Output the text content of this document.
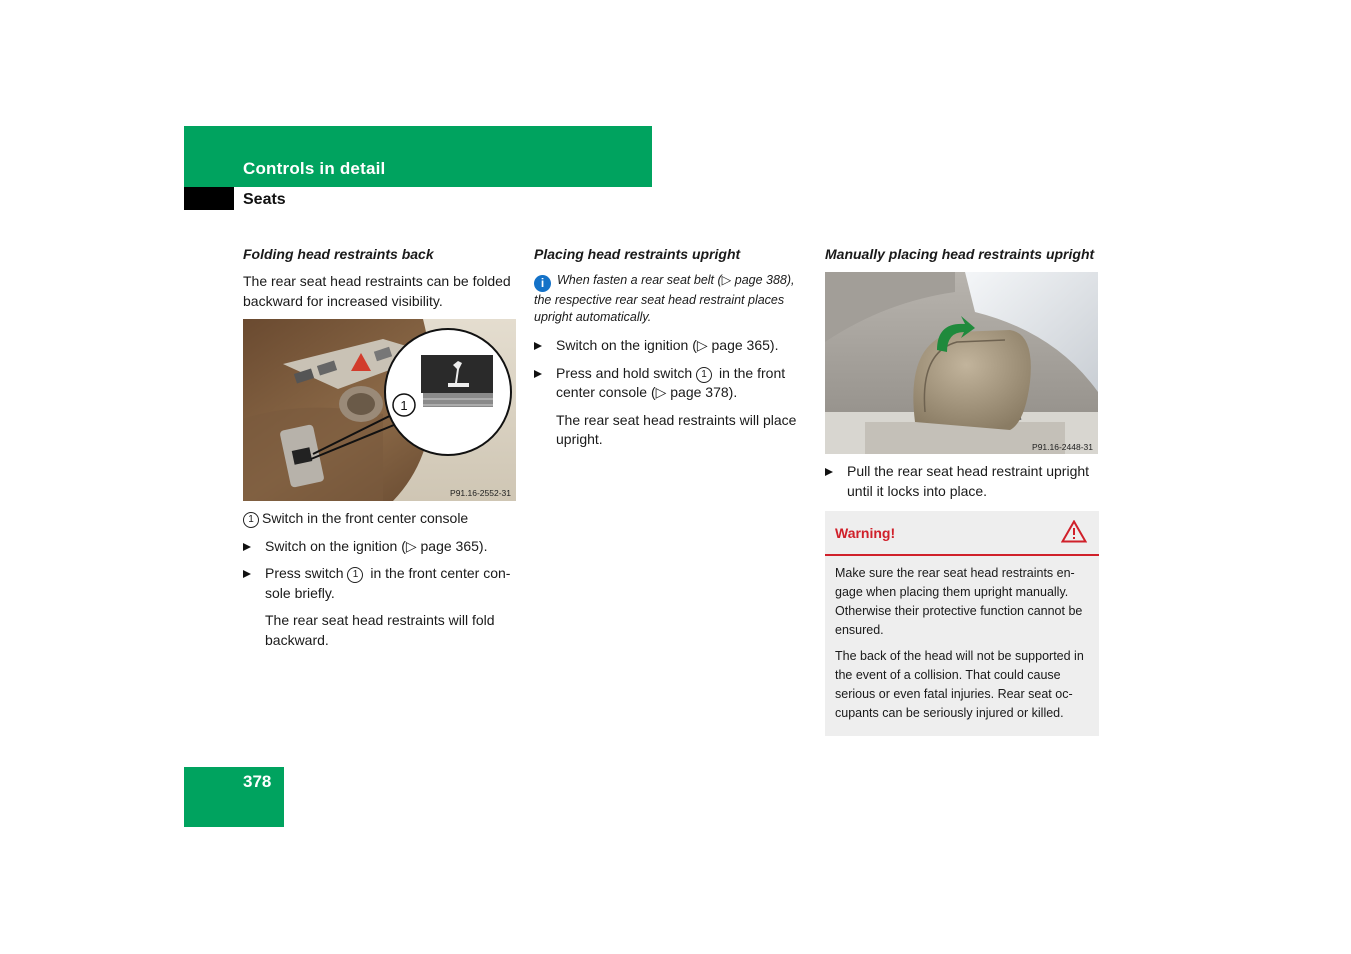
Controls in detail
Seats
Folding head restraints back

The rear seat head restraints can be folded backward for increased visibility.

1
P91.16-2552-31

1 Switch in the front center console

Switch on the ignition (▷ page 365).
Press switch 1 in the front center con-sole briefly.
The rear seat head restraints will fold backward.
Placing head restraints upright
i When fasten a rear seat belt (▷ page 388), the respective rear seat head restraint places upright automatically.
Switch on the ignition (▷ page 365).
Press and hold switch 1 in the front center console (▷ page 378).
The rear seat head restraints will place upright.
Manually placing head restraints upright
P91.16-2448-31
Pull the rear seat head restraint upright until it locks into place.
Warning!

Make sure the rear seat head restraints en-gage when placing them upright manually. Otherwise their protective function cannot be ensured.

The back of the head will not be supported in the event of a collision. That could cause serious or even fatal injuries. Rear seat oc-cupants can be seriously injured or killed.

378
